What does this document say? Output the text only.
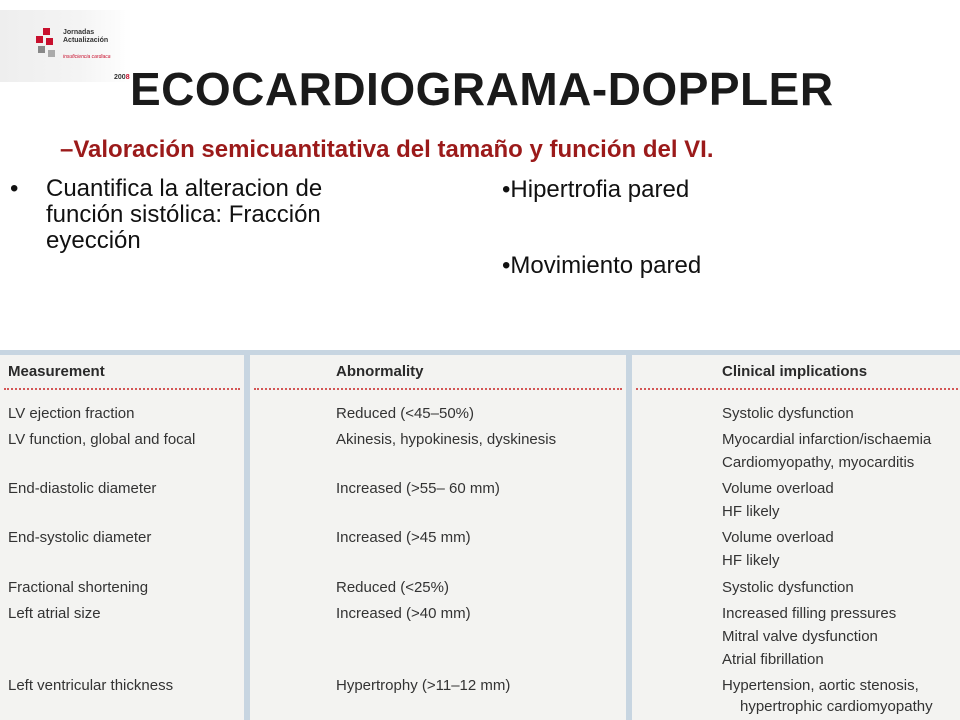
Jornadas
Actualización
insuficiencia cardiaca
2008 ECOCARDIOGRAMA-DOPPLER
–Valoración semicuantitativa del tamaño y función del VI.
• Cuantifica la alteracion de función sistólica: Fracción eyección
•Hipertrofia pared
•Movimiento pared
Measurement	Abnormality	Clinical implications
LV ejection fraction	Reduced (<45–50%)	Systolic dysfunction
LV function, global and focal	Akinesis, hypokinesis, dyskinesis	Myocardial infarction/ischaemia
Cardiomyopathy, myocarditis
End-diastolic diameter	Increased (>55– 60 mm)	Volume overload
HF likely
End-systolic diameter	Increased (>45 mm)	Volume overload
HF likely
Fractional shortening	Reduced (<25%)	Systolic dysfunction
Left atrial size	Increased (>40 mm)	Increased filling pressures
Mitral valve dysfunction
Atrial fibrillation
Left ventricular thickness	Hypertrophy (>11–12 mm)	Hypertension, aortic stenosis,
hypertrophic cardiomyopathy
